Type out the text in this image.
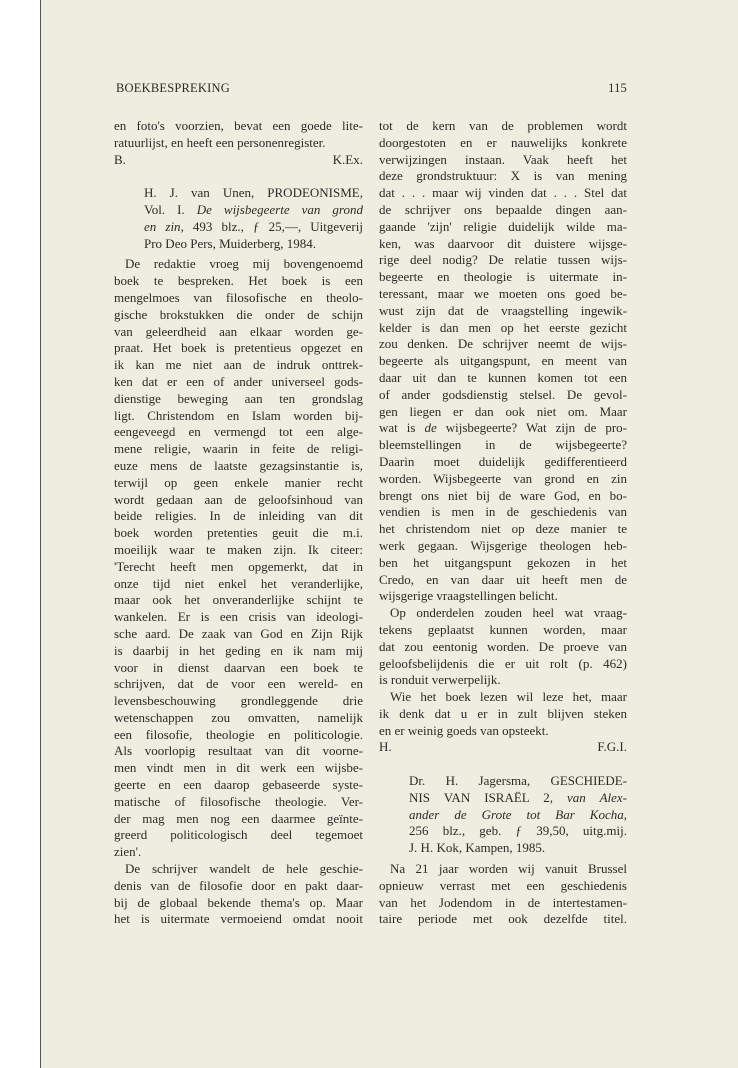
BOEKBESPREKING	115
en foto's voorzien, bevat een goede lite-
ratuurlijst, en heeft een personenregister.
B.	K.Ex.
H. J. van Unen, PRODEONISME,
Vol. I. De wijsbegeerte van grond
en zin, 493 blz., ƒ 25,—, Uitgeverij
Pro Deo Pers, Muiderberg, 1984.
De redaktie vroeg mij bovengenoemd
boek te bespreken. Het boek is een
mengelmoes van filosofische en theolo-
gische brokstukken die onder de schijn
van geleerdheid aan elkaar worden ge-
praat. Het boek is pretentieus opgezet en
ik kan me niet aan de indruk onttrek-
ken dat er een of ander universeel gods-
dienstige beweging aan ten grondslag
ligt. Christendom en Islam worden bij-
eengeveegd en vermengd tot een alge-
mene religie, waarin in feite de religi-
euze mens de laatste gezagsinstantie is,
terwijl op geen enkele manier recht
wordt gedaan aan de geloofsinhoud van
beide religies. In de inleiding van dit
boek worden pretenties geuit die m.i.
moeilijk waar te maken zijn. Ik citeer:
'Terecht heeft men opgemerkt, dat in
onze tijd niet enkel het veranderlijke,
maar ook het onveranderlijke schijnt te
wankelen. Er is een crisis van ideologi-
sche aard. De zaak van God en Zijn Rijk
is daarbij in het geding en ik nam mij
voor in dienst daarvan een boek te
schrijven, dat de voor een wereld- en
levensbeschouwing grondleggende drie
wetenschappen zou omvatten, namelijk
een filosofie, theologie en politicologie.
Als voorlopig resultaat van dit voorne-
men vindt men in dit werk een wijsbe-
geerte en een daarop gebaseerde syste-
matische of filosofische theologie. Ver-
der mag men nog een daarmee geïnte-
greerd politicologisch deel tegemoet
zien'.
De schrijver wandelt de hele geschie-
denis van de filosofie door en pakt daar-
bij de globaal bekende thema's op. Maar
het is uitermate vermoeiend omdat nooit
tot de kern van de problemen wordt
doorgestoten en er nauwelijks konkrete
verwijzingen instaan. Vaak heeft het
deze grondstruktuur: X is van mening
dat . . . maar wij vinden dat . . . Stel dat
de schrijver ons bepaalde dingen aan-
gaande 'zijn' religie duidelijk wilde ma-
ken, was daarvoor dit duistere wijsge-
rige deel nodig? De relatie tussen wijs-
begeerte en theologie is uitermate in-
teressant, maar we moeten ons goed be-
wust zijn dat de vraagstelling ingewik-
kelder is dan men op het eerste gezicht
zou denken. De schrijver neemt de wijs-
begeerte als uitgangspunt, en meent van
daar uit dan te kunnen komen tot een
of ander godsdienstig stelsel. De gevol-
gen liegen er dan ook niet om. Maar
wat is de wijsbegeerte? Wat zijn de pro-
bleemstellingen in de wijsbegeerte?
Daarin moet duidelijk gedifferentieerd
worden. Wijsbegeerte van grond en zin
brengt ons niet bij de ware God, en bo-
vendien is men in de geschiedenis van
het christendom niet op deze manier te
werk gegaan. Wijsgerige theologen heb-
ben het uitgangspunt gekozen in het
Credo, en van daar uit heeft men de
wijsgerige vraagstellingen belicht.
Op onderdelen zouden heel wat vraag-
tekens geplaatst kunnen worden, maar
dat zou eentonig worden. De proeve van
geloofsbelijdenis die er uit rolt (p. 462)
is ronduit verwerpelijk.
Wie het boek lezen wil leze het, maar
ik denk dat u er in zult blijven steken
en er weinig goeds van opsteekt.
H.	F.G.I.
Dr. H. Jagersma, GESCHIEDE-
NIS VAN ISRAËL 2, van Alex-
ander de Grote tot Bar Kocha,
256 blz., geb. ƒ 39,50, uitg.mij.
J. H. Kok, Kampen, 1985.
Na 21 jaar worden wij vanuit Brussel
opnieuw verrast met een geschiedenis
van het Jodendom in de intertestamen-
taire periode met ook dezelfde titel.
